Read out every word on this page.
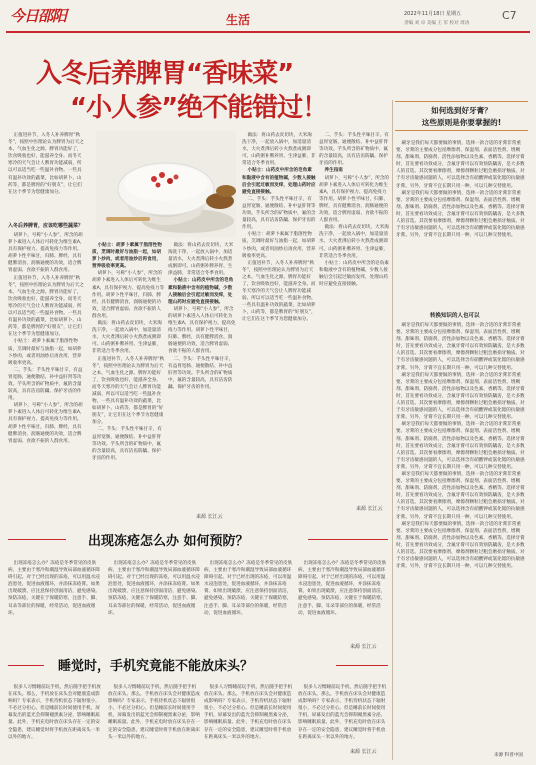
今日邵阳	生活	2022年11月18日 星期五
责编 刘 卓 美编 王 军 校对 周涛
C7
入冬后养脾胃“香味菜”
“小人参”绝不能错过！	如何选到好牙膏？
这些原则是你要掌握的!

正值进补节，入冬人补养脾胃“秋冬”，按照中医理论认为脾胃为后天之本，气血生化之源。脾胃功能好了，饮食吸收也好，能滋养全身。而冬天寒冷的天气会让人脾胃功能减弱，所以可以适当吃一些温补食物。一些具有温补功效的蔬菜，比如胡萝卜、山药等，都是脾胃的“好朋友”，让它们在这个季节为您健康加分。

入冬后养脾胃，应该吃哪些蔬菜？

胡萝卜，号称“小人参”，所含的胡萝卜素进入人体后可转化为维生素A，具有保护视力、提高免疫力等作用。胡萝卜性平味甘，归肺、脾经，具有健脾消食、润肠通便的功效，适合脾胃虚弱、食欲不振的人群食用。

正值进补节，入冬人补养脾胃“秋冬”，按照中医理论认为脾胃为后天之本，气血生化之源。脾胃功能好了，饮食吸收也好，能滋养全身。而冬天寒冷的天气会让人脾胃功能减弱，所以可以适当吃一些温补食物。一些具有温补功效的蔬菜，比如胡萝卜、山药等，都是脾胃的“好朋友”，让它们在这个季节为您健康加分。

小贴士：胡萝卜素属于脂溶性物质，烹调时最好与油脂一起，如胡萝卜炒肉，或者用油炒后再食用，营养吸收率更高。

二、芋头：芋头性平味甘辛，有益胃宽肠、通便散结、补中益肝肾等功效。芋头所含的矿物质中，氟的含量较高，具有洁齿防龋、保护牙齿的作用。

胡萝卜，号称“小人参”，所含的胡萝卜素进入人体后可转化为维生素A，具有保护视力、提高免疫力等作用。胡萝卜性平味甘，归肺、脾经，具有健脾消食、润肠通便的功效，适合脾胃虚弱、食欲不振的人群食用。

小贴士：胡萝卜素属于脂溶性物质，烹调时最好与油脂一起，如胡萝卜炒肉，或者用油炒后再食用，营养吸收率更高。

胡萝卜，号称“小人参”，所含的胡萝卜素进入人体后可转化为维生素A，具有保护视力、提高免疫力等作用。胡萝卜性平味甘，归肺、脾经，具有健脾消食、润肠通便的功效，适合脾胃虚弱、食欲不振的人群食用。

做法：将山药去皮切块，大米淘洗干净，一起放入锅中，加适量清水，大火煮沸后转小火熬煮成粥即可。山药粥补脾养胃、生津益肺，非常适合冬季食用。

正值进补节，入冬人补养脾胃“秋冬”，按照中医理论认为脾胃为后天之本，气血生化之源。脾胃功能好了，饮食吸收也好，能滋养全身。而冬天寒冷的天气会让人脾胃功能减弱，所以可以适当吃一些温补食物。一些具有温补功效的蔬菜，比如胡萝卜、山药等，都是脾胃的“好朋友”，让它们在这个季节为您健康加分。

二、芋头：芋头性平味甘辛，有益胃宽肠、通便散结、补中益肝肾等功效。芋头所含的矿物质中，氟的含量较高，具有洁齿防龋、保护牙齿的作用。

做法：将山药去皮切块，大米淘洗干净，一起放入锅中，加适量清水，大火煮沸后转小火熬煮成粥即可。山药粥补脾养胃、生津益肺，非常适合冬季食用。

小贴士：山药皮中所含的皂角素和黏液中含有的植物碱，少数人接触后会引起过敏而发痒，处理山药时应避免直接接触。

胡萝卜，号称“小人参”，所含的胡萝卜素进入人体后可转化为维生素A，具有保护视力、提高免疫力等作用。胡萝卜性平味甘，归肺、脾经，具有健脾消食、润肠通便的功效，适合脾胃虚弱、食欲不振的人群食用。

二、芋头：芋头性平味甘辛，有益胃宽肠、通便散结、补中益肝肾等功效。芋头所含的矿物质中，氟的含量较高，具有洁齿防龋、保护牙齿的作用。

来源 长江云

做法：将山药去皮切块，大米淘洗干净，一起放入锅中，加适量清水，大火煮沸后转小火熬煮成粥即可。山药粥补脾养胃、生津益肺，非常适合冬季食用。

小贴士：山药皮中所含的皂角素和黏液中含有的植物碱，少数人接触后会引起过敏而发痒，处理山药时应避免直接接触。

二、芋头：芋头性平味甘辛，有益胃宽肠、通便散结、补中益肝肾等功效。芋头所含的矿物质中，氟的含量较高，具有洁齿防龋、保护牙齿的作用。

小贴士：胡萝卜素属于脂溶性物质，烹调时最好与油脂一起，如胡萝卜炒肉，或者用油炒后再食用，营养吸收率更高。

正值进补节，入冬人补养脾胃“秋冬”，按照中医理论认为脾胃为后天之本，气血生化之源。脾胃功能好了，饮食吸收也好，能滋养全身。而冬天寒冷的天气会让人脾胃功能减弱，所以可以适当吃一些温补食物。一些具有温补功效的蔬菜，比如胡萝卜、山药等，都是脾胃的“好朋友”，让它们在这个季节为您健康加分。

二、芋头：芋头性平味甘辛，有益胃宽肠、通便散结、补中益肝肾等功效。芋头所含的矿物质中，氟的含量较高，具有洁齿防龋、保护牙齿的作用。

养生指南

胡萝卜，号称“小人参”，所含的胡萝卜素进入人体后可转化为维生素A，具有保护视力、提高免疫力等作用。胡萝卜性平味甘，归肺、脾经，具有健脾消食、润肠通便的功效，适合脾胃虚弱、食欲不振的人群食用。

做法：将山药去皮切块，大米淘洗干净，一起放入锅中，加适量清水，大火煮沸后转小火熬煮成粥即可。山药粥补脾养胃、生津益肺，非常适合冬季食用。

小贴士：山药皮中所含的皂角素和黏液中含有的植物碱，少数人接触后会引起过敏而发痒，处理山药时应避免直接接触。

来源 长江云

刷牙是我们每天都要做的事情，选择一款合适的牙膏非常重要。牙膏的主要成分包括摩擦剂、保湿剂、表面活性剂、增稠剂、甜味剂、防腐剂、活性添加物以及色素、香精等。选择牙膏时，首先要看功效成分，含氟牙膏可以有效预防龋齿，是大多数人的首选。其次要看摩擦剂，摩擦剂颗粒过粗会磨损牙釉质。对于有牙齿敏感问题的人，可以选择含有硝酸钾或氯化锶的抗敏感牙膏。另外，牙膏不宜长期只用一种，可以几种交替使用。

刷牙是我们每天都要做的事情，选择一款合适的牙膏非常重要。牙膏的主要成分包括摩擦剂、保湿剂、表面活性剂、增稠剂、甜味剂、防腐剂、活性添加物以及色素、香精等。选择牙膏时，首先要看功效成分，含氟牙膏可以有效预防龋齿，是大多数人的首选。其次要看摩擦剂，摩擦剂颗粒过粗会磨损牙釉质。对于有牙齿敏感问题的人，可以选择含有硝酸钾或氯化锶的抗敏感牙膏。另外，牙膏不宜长期只用一种，可以几种交替使用。

转换知识的人也可以

刷牙是我们每天都要做的事情，选择一款合适的牙膏非常重要。牙膏的主要成分包括摩擦剂、保湿剂、表面活性剂、增稠剂、甜味剂、防腐剂、活性添加物以及色素、香精等。选择牙膏时，首先要看功效成分，含氟牙膏可以有效预防龋齿，是大多数人的首选。其次要看摩擦剂，摩擦剂颗粒过粗会磨损牙釉质。对于有牙齿敏感问题的人，可以选择含有硝酸钾或氯化锶的抗敏感牙膏。另外，牙膏不宜长期只用一种，可以几种交替使用。

刷牙是我们每天都要做的事情，选择一款合适的牙膏非常重要。牙膏的主要成分包括摩擦剂、保湿剂、表面活性剂、增稠剂、甜味剂、防腐剂、活性添加物以及色素、香精等。选择牙膏时，首先要看功效成分，含氟牙膏可以有效预防龋齿，是大多数人的首选。其次要看摩擦剂，摩擦剂颗粒过粗会磨损牙釉质。对于有牙齿敏感问题的人，可以选择含有硝酸钾或氯化锶的抗敏感牙膏。另外，牙膏不宜长期只用一种，可以几种交替使用。

刷牙是我们每天都要做的事情，选择一款合适的牙膏非常重要。牙膏的主要成分包括摩擦剂、保湿剂、表面活性剂、增稠剂、甜味剂、防腐剂、活性添加物以及色素、香精等。选择牙膏时，首先要看功效成分，含氟牙膏可以有效预防龋齿，是大多数人的首选。其次要看摩擦剂，摩擦剂颗粒过粗会磨损牙釉质。对于有牙齿敏感问题的人，可以选择含有硝酸钾或氯化锶的抗敏感牙膏。另外，牙膏不宜长期只用一种，可以几种交替使用。

刷牙是我们每天都要做的事情，选择一款合适的牙膏非常重要。牙膏的主要成分包括摩擦剂、保湿剂、表面活性剂、增稠剂、甜味剂、防腐剂、活性添加物以及色素、香精等。选择牙膏时，首先要看功效成分，含氟牙膏可以有效预防龋齿，是大多数人的首选。其次要看摩擦剂，摩擦剂颗粒过粗会磨损牙釉质。对于有牙齿敏感问题的人，可以选择含有硝酸钾或氯化锶的抗敏感牙膏。另外，牙膏不宜长期只用一种，可以几种交替使用。

刷牙是我们每天都要做的事情，选择一款合适的牙膏非常重要。牙膏的主要成分包括摩擦剂、保湿剂、表面活性剂、增稠剂、甜味剂、防腐剂、活性添加物以及色素、香精等。选择牙膏时，首先要看功效成分，含氟牙膏可以有效预防龋齿，是大多数人的首选。其次要看摩擦剂，摩擦剂颗粒过粗会磨损牙釉质。对于有牙齿敏感问题的人，可以选择含有硝酸钾或氯化锶的抗敏感牙膏。另外，牙膏不宜长期只用一种，可以几种交替使用。

来源 科普中国
出现冻疮怎么办 如何预防？

出现冻疮怎么办？冻疮是冬季常见的皮肤病，主要由于寒冷和潮湿导致局部血液循环障碍引起。对于已经出现的冻疮，可以用温水浸泡患处，促进血液循环，并涂抹冻疮膏。如果出现破溃，应注意保持创面清洁，避免感染。预防冻疮，关键在于保暖防寒，注意手、脚、耳朵等部位的保暖，经常活动，促进血液循环。

出现冻疮怎么办？冻疮是冬季常见的皮肤病，主要由于寒冷和潮湿导致局部血液循环障碍引起。对于已经出现的冻疮，可以用温水浸泡患处，促进血液循环，并涂抹冻疮膏。如果出现破溃，应注意保持创面清洁，避免感染。预防冻疮，关键在于保暖防寒，注意手、脚、耳朵等部位的保暖，经常活动，促进血液循环。

出现冻疮怎么办？冻疮是冬季常见的皮肤病，主要由于寒冷和潮湿导致局部血液循环障碍引起。对于已经出现的冻疮，可以用温水浸泡患处，促进血液循环，并涂抹冻疮膏。如果出现破溃，应注意保持创面清洁，避免感染。预防冻疮，关键在于保暖防寒，注意手、脚、耳朵等部位的保暖，经常活动，促进血液循环。

出现冻疮怎么办？冻疮是冬季常见的皮肤病，主要由于寒冷和潮湿导致局部血液循环障碍引起。对于已经出现的冻疮，可以用温水浸泡患处，促进血液循环，并涂抹冻疮膏。如果出现破溃，应注意保持创面清洁，避免感染。预防冻疮，关键在于保暖防寒，注意手、脚、耳朵等部位的保暖，经常活动，促进血液循环。

来源 长江云
睡觉时，手机究竟能不能放床头？

很多人习惯睡前玩手机，然后随手把手机放在床头。那么，手机放在床头会对健康造成影响吗？专家表示，手机待机状态下辐射很小，不必过分担心。但是睡前长时间使用手机，屏幕发出的蓝光会抑制褪黑素分泌，影响睡眠质量。此外，手机充电时放在床头存在一定的安全隐患，建议睡觉时将手机放在距离床头一米以外的地方。

很多人习惯睡前玩手机，然后随手把手机放在床头。那么，手机放在床头会对健康造成影响吗？专家表示，手机待机状态下辐射很小，不必过分担心。但是睡前长时间使用手机，屏幕发出的蓝光会抑制褪黑素分泌，影响睡眠质量。此外，手机充电时放在床头存在一定的安全隐患，建议睡觉时将手机放在距离床头一米以外的地方。

很多人习惯睡前玩手机，然后随手把手机放在床头。那么，手机放在床头会对健康造成影响吗？专家表示，手机待机状态下辐射很小，不必过分担心。但是睡前长时间使用手机，屏幕发出的蓝光会抑制褪黑素分泌，影响睡眠质量。此外，手机充电时放在床头存在一定的安全隐患，建议睡觉时将手机放在距离床头一米以外的地方。

很多人习惯睡前玩手机，然后随手把手机放在床头。那么，手机放在床头会对健康造成影响吗？专家表示，手机待机状态下辐射很小，不必过分担心。但是睡前长时间使用手机，屏幕发出的蓝光会抑制褪黑素分泌，影响睡眠质量。此外，手机充电时放在床头存在一定的安全隐患，建议睡觉时将手机放在距离床头一米以外的地方。

来源 长江云
